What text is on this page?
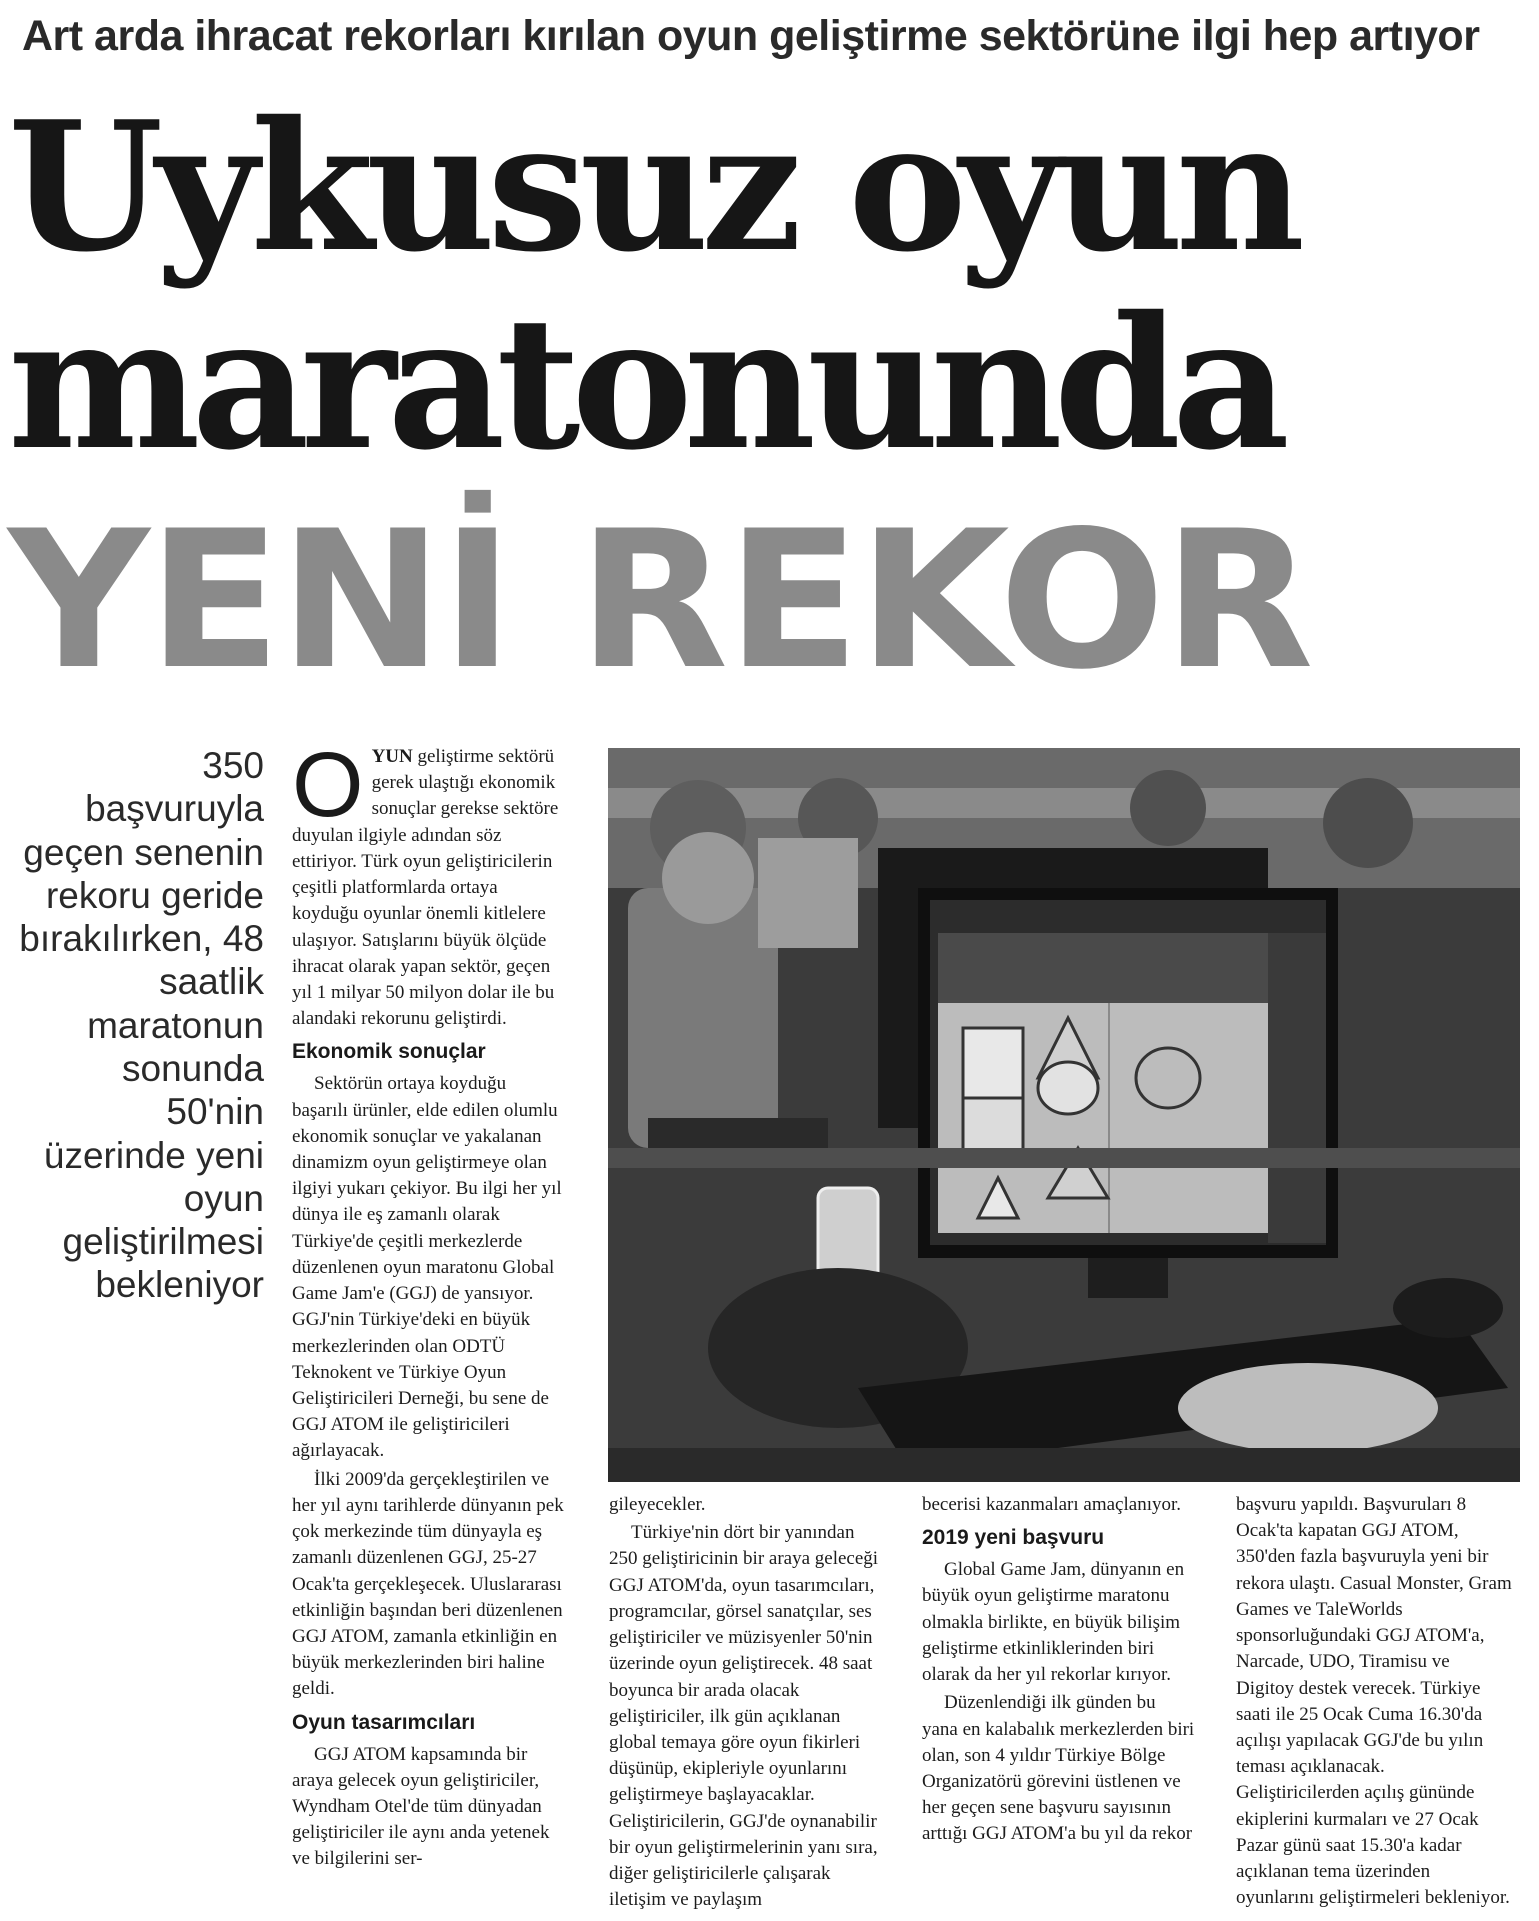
Art arda ihracat rekorları kırılan oyun geliştirme sektörüne ilgi hep artıyor
Uykusuz oyun
maratonunda
YENİ REKOR
350 başvuruyla geçen senenin rekoru geride bırakılırken, 48 saatlik maratonun sonunda 50'nin üzerinde yeni oyun geliştirilmesi bekleniyor

OYUN geliştirme sektörü gerek ulaştığı ekonomik sonuçlar gerekse sektöre duyulan ilgiyle adından söz ettiriyor. Türk oyun geliştiricilerin çeşitli platformlarda ortaya koyduğu oyunlar önemli kitlelere ulaşıyor. Satışlarını büyük ölçüde ihracat olarak yapan sektör, geçen yıl 1 milyar 50 milyon dolar ile bu alandaki rekorunu geliştirdi.

Ekonomik sonuçlar

Sektörün ortaya koyduğu başarılı ürünler, elde edilen olumlu ekonomik sonuçlar ve yakalanan dinamizm oyun geliştirmeye olan ilgiyi yukarı çekiyor. Bu ilgi her yıl dünya ile eş zamanlı olarak Türkiye'de çeşitli merkezlerde düzenlenen oyun maratonu Global Game Jam'e (GGJ) de yansıyor. GGJ'nin Türkiye'deki en büyük merkezlerinden olan ODTÜ Teknokent ve Türkiye Oyun Geliştiricileri Derneği, bu sene de GGJ ATOM ile geliştiricileri ağırlayacak.

İlki 2009'da gerçekleştirilen ve her yıl aynı tarihlerde dünyanın pek çok merkezinde tüm dünyayla eş zamanlı düzenlenen GGJ, 25-27 Ocak'ta gerçekleşecek. Uluslararası etkinliğin başından beri düzenlenen GGJ ATOM, zamanla etkinliğin en büyük merkezlerinden biri haline geldi.

Oyun tasarımcıları

GGJ ATOM kapsamında bir araya gelecek oyun geliştiriciler, Wyndham Otel'de tüm dünyadan geliştiriciler ile aynı anda yetenek ve bilgilerini ser-

gileyecekler.

Türkiye'nin dört bir yanından 250 geliştiricinin bir araya geleceği GGJ ATOM'da, oyun tasarımcıları, programcılar, görsel sanatçılar, ses geliştiriciler ve müzisyenler 50'nin üzerinde oyun geliştirecek. 48 saat boyunca bir arada olacak geliştiriciler, ilk gün açıklanan global temaya göre oyun fikirleri düşünüp, ekipleriyle oyunlarını geliştirmeye başlayacaklar. Geliştiricilerin, GGJ'de oynanabilir bir oyun geliştirmelerinin yanı sıra, diğer geliştiricilerle çalışarak iletişim ve paylaşım

becerisi kazanmaları amaçlanıyor.

2019 yeni başvuru

Global Game Jam, dünyanın en büyük oyun geliştirme maratonu olmakla birlikte, en büyük bilişim geliştirme etkinliklerinden biri olarak da her yıl rekorlar kırıyor.

Düzenlendiği ilk günden bu yana en kalabalık merkezlerden biri olan, son 4 yıldır Türkiye Bölge Organizatörü görevini üstlenen ve her geçen sene başvuru sayısının arttığı GGJ ATOM'a bu yıl da rekor

başvuru yapıldı. Başvuruları 8 Ocak'ta kapatan GGJ ATOM, 350'den fazla başvuruyla yeni bir rekora ulaştı. Casual Monster, Gram Games ve TaleWorlds sponsorluğundaki GGJ ATOM'a, Narcade, UDO, Tiramisu ve Digitoy destek verecek. Türkiye saati ile 25 Ocak Cuma 16.30'da açılışı yapılacak GGJ'de bu yılın teması açıklanacak. Geliştiricilerden açılış gününde ekiplerini kurmaları ve 27 Ocak Pazar günü saat 15.30'a kadar açıklanan tema üzerinden oyunlarını geliştirmeleri bekleniyor.
